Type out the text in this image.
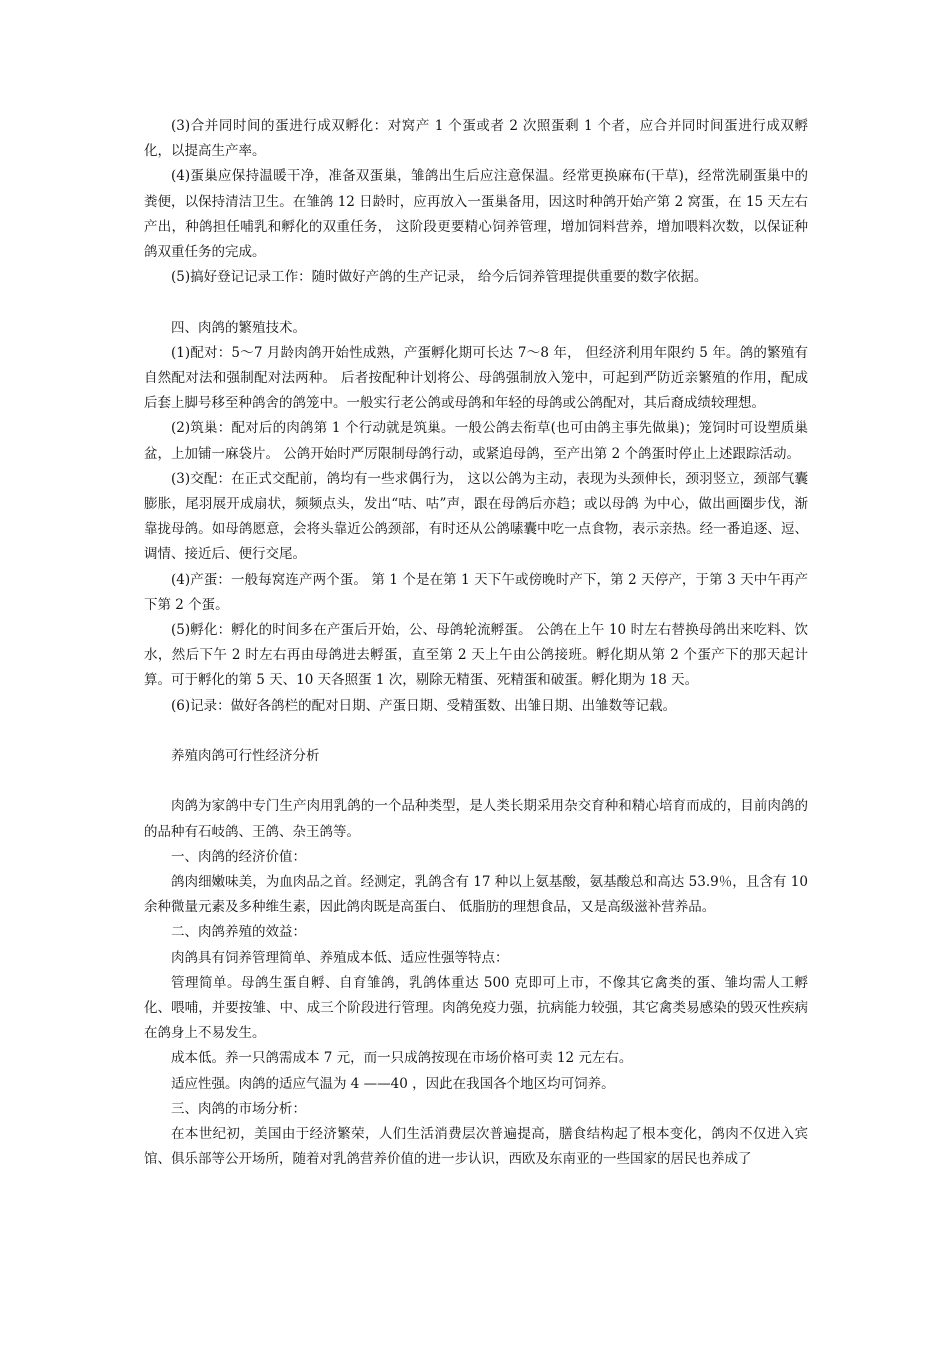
(3)合并同时间的蛋进行成双孵化：对窝产 1 个蛋或者 2 次照蛋剩 1 个者，应合并同时间蛋进行成双孵化，以提高生产率。

(4)蛋巢应保持温暖干净，准备双蛋巢，雏鸽出生后应注意保温。经常更换麻布(干草)，经常洗刷蛋巢中的粪便，以保持清洁卫生。在雏鸽 12 日龄时，应再放入一蛋巢备用，因这时种鸽开始产第 2 窝蛋，在 15 天左右产出，种鸽担任哺乳和孵化的双重任务， 这阶段更要精心饲养管理，增加饲料营养，增加喂料次数，以保证种鸽双重任务的完成。

(5)搞好登记记录工作：随时做好产鸽的生产记录， 给今后饲养管理提供重要的数字依据。

四、肉鸽的繁殖技术。

(1)配对：5～7 月龄肉鸽开始性成熟，产蛋孵化期可长达 7～8 年， 但经济利用年限约 5 年。鸽的繁殖有自然配对法和强制配对法两种。 后者按配种计划将公、母鸽强制放入笼中，可起到严防近亲繁殖的作用，配成后套上脚号移至种鸽舍的鸽笼中。一般实行老公鸽或母鸽和年轻的母鸽或公鸽配对，其后裔成绩较理想。

(2)筑巢：配对后的肉鸽第 1 个行动就是筑巢。一般公鸽去衔草(也可由鸽主事先做巢)；笼饲时可设塑质巢盆，上加铺一麻袋片。 公鸽开始时严厉限制母鸽行动，或紧追母鸽，至产出第 2 个鸽蛋时停止上述跟踪活动。

(3)交配：在正式交配前，鸽均有一些求偶行为， 这以公鸽为主动，表现为头颈伸长，颈羽竖立，颈部气囊膨胀，尾羽展开成扇状，频频点头，发出“咕、咕”声，跟在母鸽后亦趋；或以母鸽 为中心，做出画圈步伐，渐靠拢母鸽。如母鸽愿意，会将头靠近公鸽颈部，有时还从公鸽嗉囊中吃一点食物，表示亲热。经一番追逐、逗、调情、接近后、便行交尾。

(4)产蛋：一般每窝连产两个蛋。 第 1 个是在第 1 天下午或傍晚时产下，第 2 天停产，于第 3 天中午再产下第 2 个蛋。

(5)孵化：孵化的时间多在产蛋后开始，公、母鸽轮流孵蛋。 公鸽在上午 10 时左右替换母鸽出来吃料、饮水，然后下午 2 时左右再由母鸽进去孵蛋，直至第 2 天上午由公鸽接班。孵化期从第 2 个蛋产下的那天起计算。可于孵化的第 5 天、10 天各照蛋 1 次，剔除无精蛋、死精蛋和破蛋。孵化期为 18 天。

(6)记录：做好各鸽栏的配对日期、产蛋日期、受精蛋数、出雏日期、出雏数等记载。

养殖肉鸽可行性经济分析

肉鸽为家鸽中专门生产肉用乳鸽的一个品种类型，是人类长期采用杂交育种和精心培育而成的，目前肉鸽的的品种有石岐鸽、王鸽、杂王鸽等。

一、肉鸽的经济价值：

鸽肉细嫩味美，为血肉品之首。经测定，乳鸽含有 17 种以上氨基酸，氨基酸总和高达 53.9％，且含有 10 余种微量元素及多种维生素，因此鸽肉既是高蛋白、 低脂肪的理想食品，又是高级滋补营养品。

二、肉鸽养殖的效益：

肉鸽具有饲养管理简单、养殖成本低、适应性强等特点：

管理简单。母鸽生蛋自孵、自育雏鸽，乳鸽体重达 500 克即可上市，不像其它禽类的蛋、雏均需人工孵化、喂哺，并要按雏、中、成三个阶段进行管理。肉鸽免疫力强，抗病能力较强，其它禽类易感染的毁灭性疾病在鸽身上不易发生。

成本低。养一只鸽需成本 7 元，而一只成鸽按现在市场价格可卖 12 元左右。

适应性强。肉鸽的适应气温为 4 ——40 ，因此在我国各个地区均可饲养。

三、肉鸽的市场分析：

在本世纪初，美国由于经济繁荣，人们生活消费层次普遍提高，膳食结构起了根本变化，鸽肉不仅进入宾馆、俱乐部等公开场所，随着对乳鸽营养价值的进一步认识，西欧及东南亚的一些国家的居民也养成了
